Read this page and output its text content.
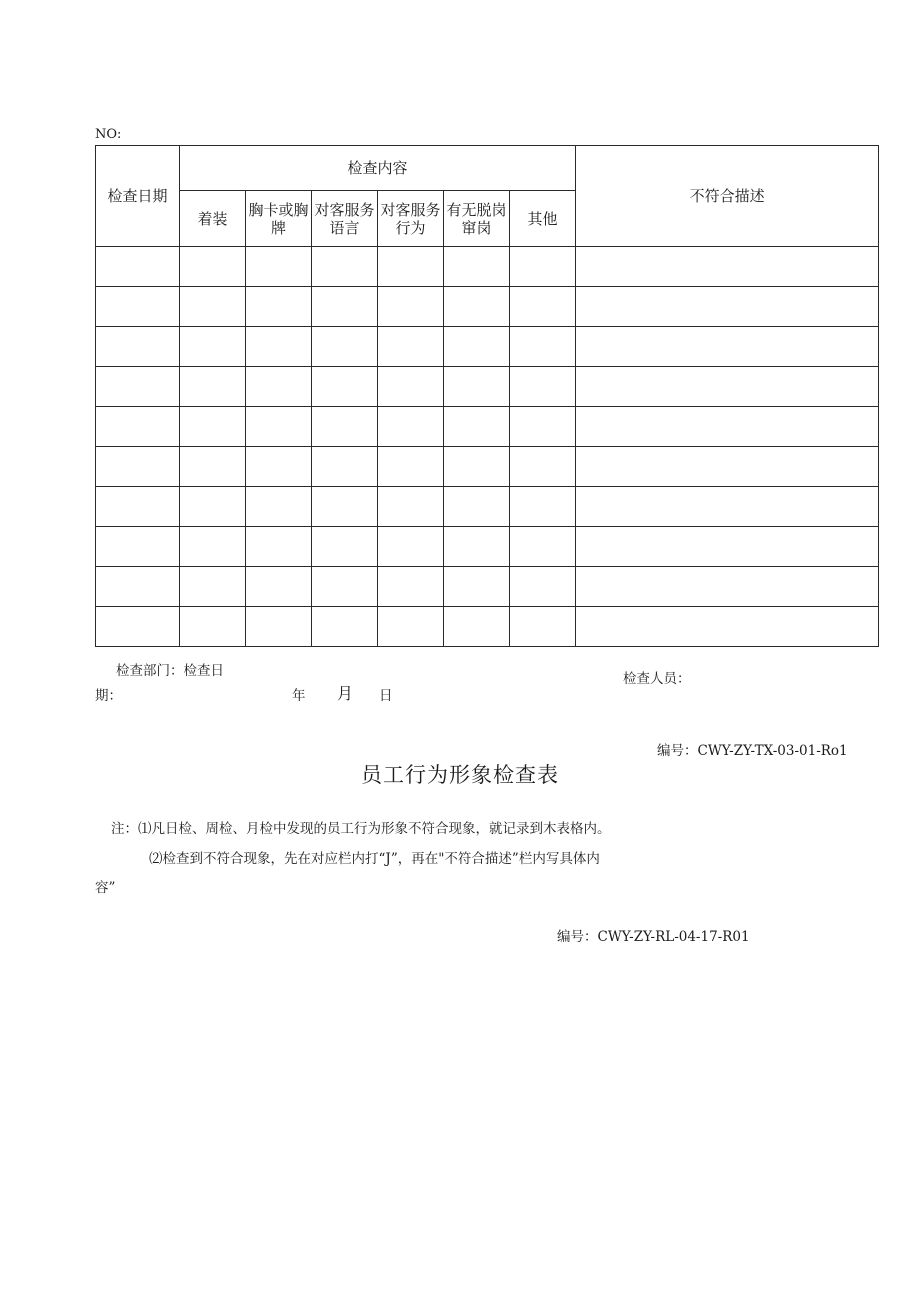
NO:
检查日期	检查内容						不符合描述
	着装	胸卡或胸牌	对客服务语言	对客服务行为	有无脱岗窜岗	其他	

检查部门：检查日
期：	年 月 日
检查人员：
编号：CWY-ZY-TX-03-01-Ro1
员工行为形象检查表
注：⑴凡日检、周检、月检中发现的员工行为形象不符合现象，就记录到木表格内。
⑵检查到不符合现象，先在对应栏内打“J”，再在"不符合描述”栏内写具体内
容”
编号：CWY-ZY-RL-04-17-R01
